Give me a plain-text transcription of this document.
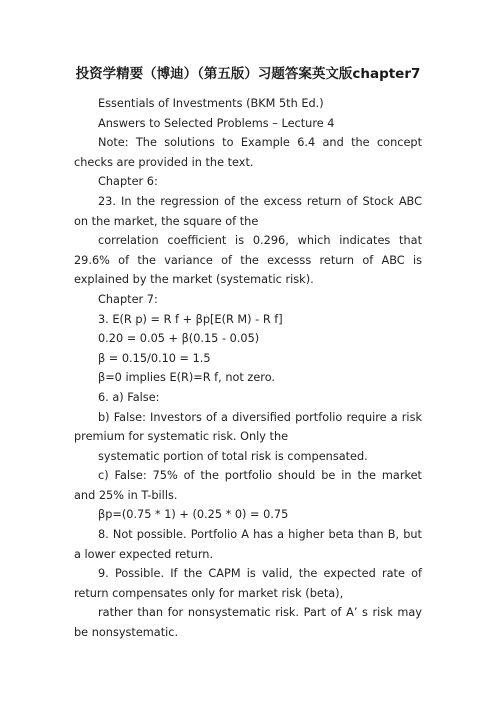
投资学精要（博迪）（第五版）习题答案英文版chapter7

Essentials of Investments (BKM 5th Ed.)

Answers to Selected Problems – Lecture 4

Note: The solutions to Example 6.4 and the concept checks are provided in the text.

Chapter 6:

23. In the regression of the excess return of Stock ABC on the market, the square of the

correlation coefficient is 0.296, which indicates that 29.6% of the variance of the excesss return of ABC is explained by the market (systematic risk).

Chapter 7:

3. E(R p) = R f + βp[E(R M) - R f]

0.20 = 0.05 + β(0.15 - 0.05)

β = 0.15/0.10 = 1.5

β=0 implies E(R)=R f, not zero.

6. a) False:

b) False: Investors of a diversified portfolio require a risk premium for systematic risk. Only the

systematic portion of total risk is compensated.

c) False: 75% of the portfolio should be in the market and 25% in T-bills.

βp=(0.75 * 1) + (0.25 * 0) = 0.75

8. Not possible. Portfolio A has a higher beta than B, but a lower expected return.

9. Possible. If the CAPM is valid, the expected rate of return compensates only for market risk (beta),

rather than for nonsystematic risk. Part of A’ s risk may be nonsystematic.
